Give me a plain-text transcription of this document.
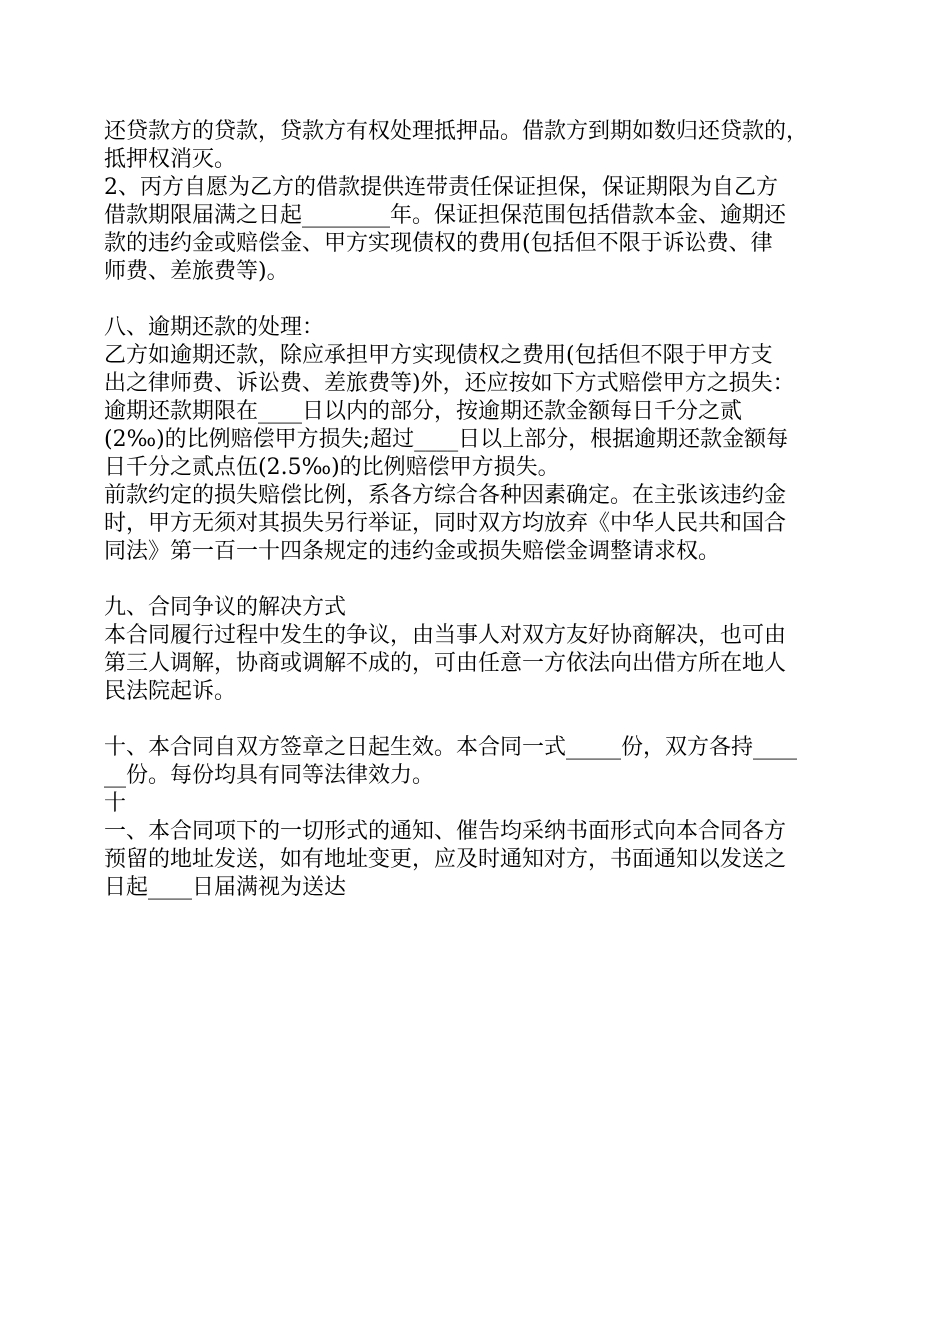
还贷款方的贷款，贷款方有权处理抵押品。借款方到期如数归还贷款的，
抵押权消灭。
2、丙方自愿为乙方的借款提供连带责任保证担保，保证期限为自乙方
借款期限届满之日起________年。保证担保范围包括借款本金、逾期还
款的违约金或赔偿金、甲方实现债权的费用(包括但不限于诉讼费、律
师费、差旅费等)。
八、逾期还款的处理：
乙方如逾期还款，除应承担甲方实现债权之费用(包括但不限于甲方支
出之律师费、诉讼费、差旅费等)外，还应按如下方式赔偿甲方之损失：
逾期还款期限在____日以内的部分，按逾期还款金额每日千分之贰
(2‰)的比例赔偿甲方损失;超过____日以上部分，根据逾期还款金额每
日千分之贰点伍(2.5‰)的比例赔偿甲方损失。
前款约定的损失赔偿比例，系各方综合各种因素确定。在主张该违约金
时，甲方无须对其损失另行举证，同时双方均放弃《中华人民共和国合
同法》第一百一十四条规定的违约金或损失赔偿金调整请求权。
九、合同争议的解决方式
本合同履行过程中发生的争议，由当事人对双方友好协商解决，也可由
第三人调解，协商或调解不成的，可由任意一方依法向出借方所在地人
民法院起诉。
十、本合同自双方签章之日起生效。本合同一式_____份，双方各持____
__份。每份均具有同等法律效力。
十
一、本合同项下的一切形式的通知、催告均采纳书面形式向本合同各方
预留的地址发送，如有地址变更，应及时通知对方，书面通知以发送之
日起____日届满视为送达
